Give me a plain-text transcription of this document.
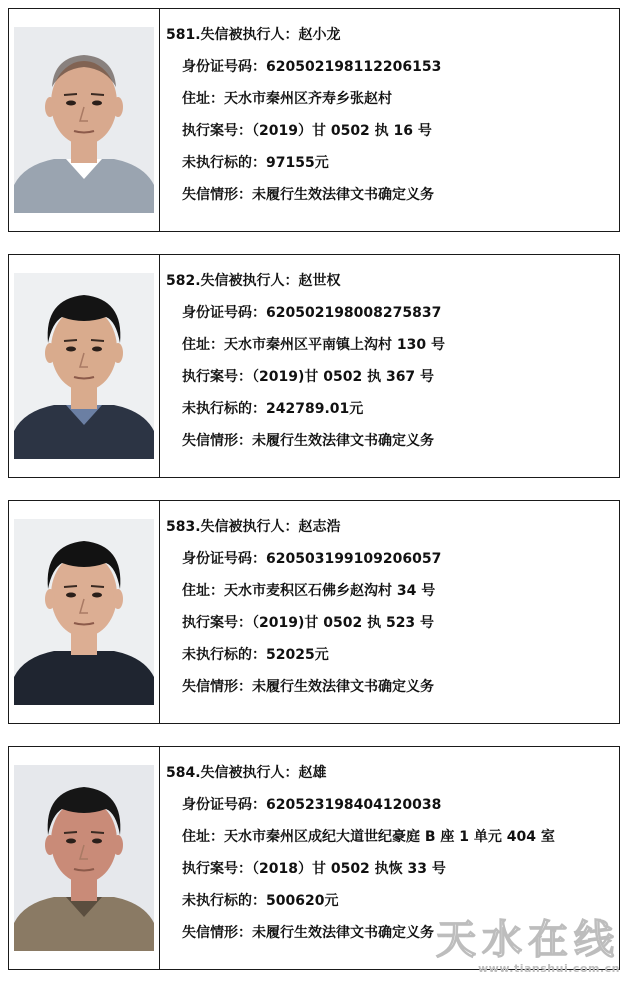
581.失信被执行人：赵小龙
身份证号码：620502198112206153
住址：天水市秦州区齐寿乡张赵村
执行案号：（2019）甘 0502 执 16 号
未执行标的：97155元
失信情形：未履行生效法律文书确定义务
582.失信被执行人：赵世权
身份证号码：620502198008275837
住址：天水市秦州区平南镇上沟村 130 号
执行案号：（2019)甘 0502 执 367 号
未执行标的：242789.01元
失信情形：未履行生效法律文书确定义务
583.失信被执行人：赵志浩
身份证号码：620503199109206057
住址：天水市麦积区石佛乡赵沟村 34 号
执行案号：（2019)甘 0502 执 523 号
未执行标的：52025元
失信情形：未履行生效法律文书确定义务
584.失信被执行人：赵雄
身份证号码：620523198404120038
住址：天水市秦州区成纪大道世纪豪庭 B 座 1 单元 404 室
执行案号：（2018）甘 0502 执恢 33 号
未执行标的：500620元
失信情形：未履行生效法律文书确定义务 天水在线
www.tianshui.com.cn
